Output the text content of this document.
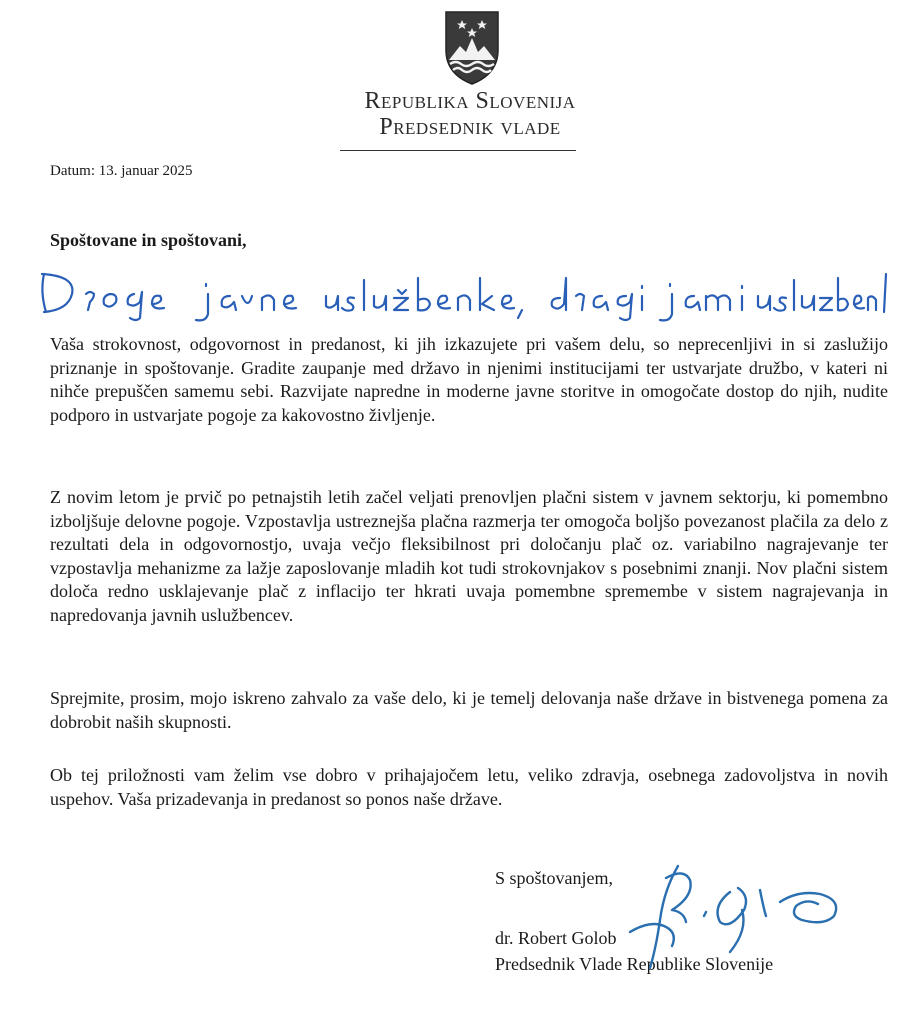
Republika Slovenija
Predsednik vlade
Datum: 13. januar 2025
Spoštovane in spoštovani,
Vaša strokovnost, odgovornost in predanost, ki jih izkazujete pri vašem delu, so neprecenljivi in si zaslužijo priznanje in spoštovanje. Gradite zaupanje med državo in njenimi institucijami ter ustvarjate družbo, v kateri ni nihče prepuščen samemu sebi. Razvijate napredne in moderne javne storitve in omogočate dostop do njih, nudite podporo in ustvarjate pogoje za kakovostno življenje.
Z novim letom je prvič po petnajstih letih začel veljati prenovljen plačni sistem v javnem sektorju, ki pomembno izboljšuje delovne pogoje. Vzpostavlja ustreznejša plačna razmerja ter omogoča boljšo povezanost plačila za delo z rezultati dela in odgovornostjo, uvaja večjo fleksibilnost pri določanju plač oz. variabilno nagrajevanje ter vzpostavlja mehanizme za lažje zaposlovanje mladih kot tudi strokovnjakov s posebnimi znanji. Nov plačni sistem določa redno usklajevanje plač z inflacijo ter hkrati uvaja pomembne spremembe v sistem nagrajevanja in napredovanja javnih uslužbencev.
Sprejmite, prosim, mojo iskreno zahvalo za vaše delo, ki je temelj delovanja naše države in bistvenega pomena za dobrobit naših skupnosti.
Ob tej priložnosti vam želim vse dobro v prihajajočem letu, veliko zdravja, osebnega zadovoljstva in novih uspehov. Vaša prizadevanja in predanost so ponos naše države.
S spoštovanjem,
dr. Robert Golob
Predsednik Vlade Republike Slovenije
